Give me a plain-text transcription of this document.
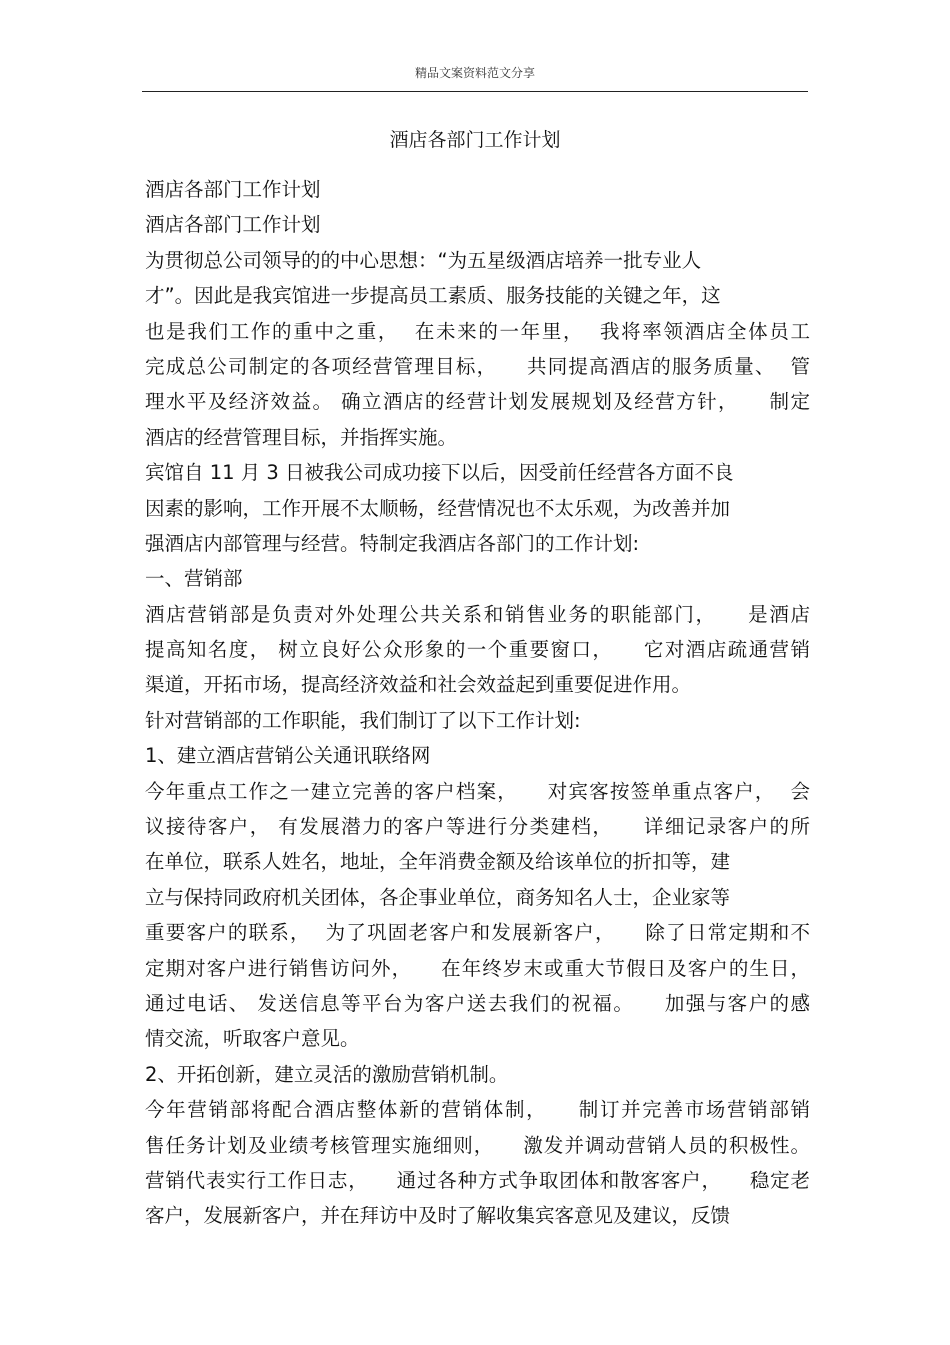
精品文案资料范文分享
酒店各部门工作计划
酒店各部门工作计划
酒店各部门工作计划
为贯彻总公司领导的的中心思想：“为五星级酒店培养一批专业人
才”。因此是我宾馆进一步提高员工素质、服务技能的关键之年，这
也是我们工作的重中之重，  在未来的一年里，  我将率领酒店全体员工
完成总公司制定的各项经营管理目标，    共同提高酒店的服务质量、  管
理水平及经济效益。 确立酒店的经营计划发展规划及经营方针，    制定
酒店的经营管理目标，并指挥实施。
宾馆自 11 月 3 日被我公司成功接下以后，因受前任经营各方面不良
因素的影响，工作开展不太顺畅，经营情况也不太乐观，为改善并加
强酒店内部管理与经营。特制定我酒店各部门的工作计划:
一、营销部
酒店营销部是负责对外处理公共关系和销售业务的职能部门，    是酒店
提高知名度， 树立良好公众形象的一个重要窗口，    它对酒店疏通营销
渠道，开拓市场，提高经济效益和社会效益起到重要促进作用。
针对营销部的工作职能，我们制订了以下工作计划:
1、建立酒店营销公关通讯联络网
今年重点工作之一建立完善的客户档案，    对宾客按签单重点客户，  会
议接待客户， 有发展潜力的客户等进行分类建档，    详细记录客户的所
在单位，联系人姓名，地址，全年消费金额及给该单位的折扣等，建
立与保持同政府机关团体，各企事业单位，商务知名人士，企业家等
重要客户的联系，  为了巩固老客户和发展新客户，    除了日常定期和不
定期对客户进行销售访问外，    在年终岁末或重大节假日及客户的生日，
通过电话、 发送信息等平台为客户送去我们的祝福。    加强与客户的感
情交流，听取客户意见。
2、开拓创新，建立灵活的激励营销机制。
今年营销部将配合酒店整体新的营销体制，    制订并完善市场营销部销
售任务计划及业绩考核管理实施细则，    激发并调动营销人员的积极性。
营销代表实行工作日志，    通过各种方式争取团体和散客客户，    稳定老
客户，发展新客户，并在拜访中及时了解收集宾客意见及建议，反馈
